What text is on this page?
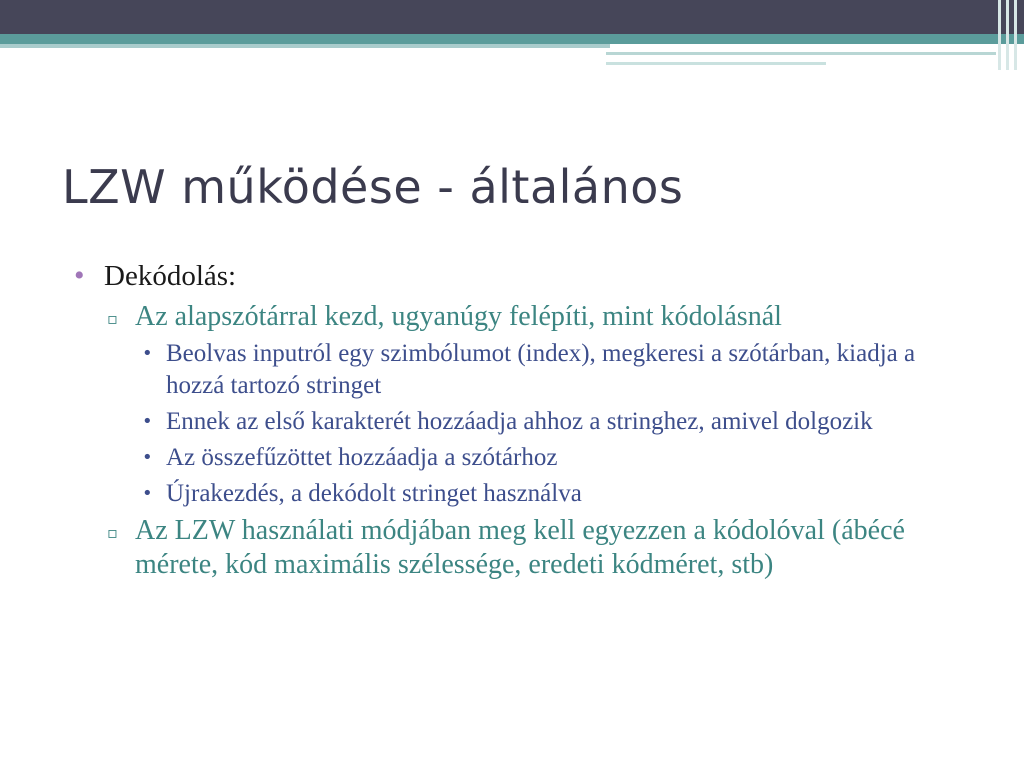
LZW működése - általános
• Dekódolás:
▫ Az alapszótárral kezd, ugyanúgy felépíti, mint kódolásnál
• Beolvas inputról egy szimbólumot (index), megkeresi a szótárban, kiadja a hozzá tartozó stringet
• Ennek az első karakterét hozzáadja ahhoz a stringhez, amivel dolgozik
• Az összefűzöttet hozzáadja a szótárhoz
• Újrakezdés, a dekódolt stringet használva
▫ Az LZW használati módjában meg kell egyezzen a kódolóval (ábécé mérete, kód maximális szélessége, eredeti kódméret, stb)
